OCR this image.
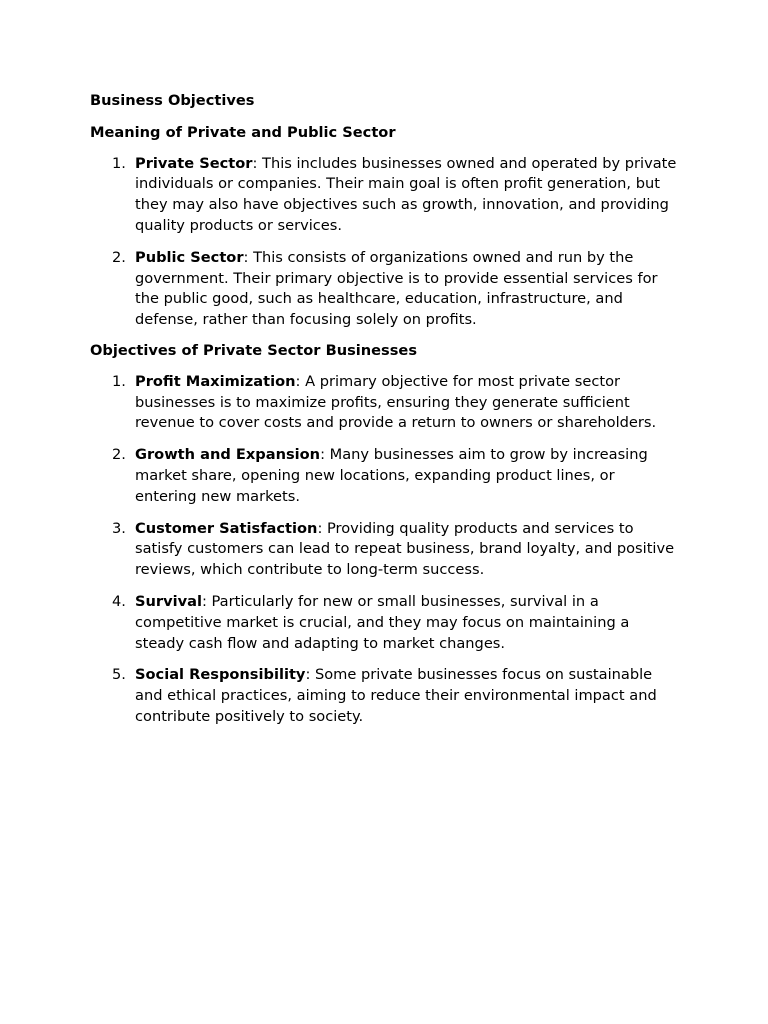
Business Objectives

Meaning of Private and Public Sector

1. Private Sector: This includes businesses owned and operated by private individuals or companies. Their main goal is often profit generation, but they may also have objectives such as growth, innovation, and providing quality products or services.
2. Public Sector: This consists of organizations owned and run by the government. Their primary objective is to provide essential services for the public good, such as healthcare, education, infrastructure, and defense, rather than focusing solely on profits.

Objectives of Private Sector Businesses

1. Profit Maximization: A primary objective for most private sector businesses is to maximize profits, ensuring they generate sufficient revenue to cover costs and provide a return to owners or shareholders.
2. Growth and Expansion: Many businesses aim to grow by increasing market share, opening new locations, expanding product lines, or entering new markets.
3. Customer Satisfaction: Providing quality products and services to satisfy customers can lead to repeat business, brand loyalty, and positive reviews, which contribute to long-term success.
4. Survival: Particularly for new or small businesses, survival in a competitive market is crucial, and they may focus on maintaining a steady cash flow and adapting to market changes.
5. Social Responsibility: Some private businesses focus on sustainable and ethical practices, aiming to reduce their environmental impact and contribute positively to society.
